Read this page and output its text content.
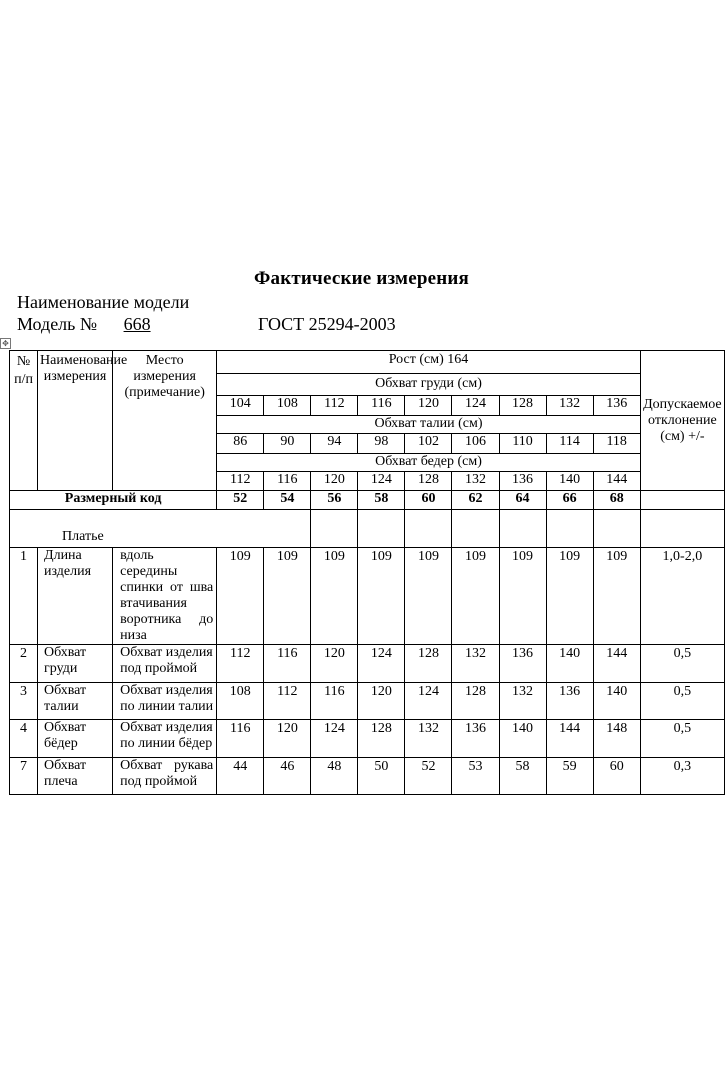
Фактические измерения
Наименование модели
Модель № 668	ГОСТ 25294-2003
✥
№ п/п	Наименование измерения	Место измерения (примечание)	Рост (см) 164									Допускаемое отклонение (см) +/-
			Обхват груди (см)									
			104	108	112	116	120	124	128	132	136	
			Обхват талии (см)									
			86	90	94	98	102	106	110	114	118	
			Обхват бедер (см)									
			112	116	120	124	128	132	136	140	144	
Размерный код			52	54	56	58	60	62	64	66	68	
Платье												
1	Длина изделия	вдоль середины спинки от шва втачивания воротника до низа	109	109	109	109	109	109	109	109	109	1,0-2,0
2	Обхват груди	Обхват изделия под проймой	112	116	120	124	128	132	136	140	144	0,5
3	Обхват талии	Обхват изделия по линии талии	108	112	116	120	124	128	132	136	140	0,5
4	Обхват бёдер	Обхват изделия по линии бёдер	116	120	124	128	132	136	140	144	148	0,5
7	Обхват плеча	Обхват рукава под проймой	44	46	48	50	52	53	58	59	60	0,3
